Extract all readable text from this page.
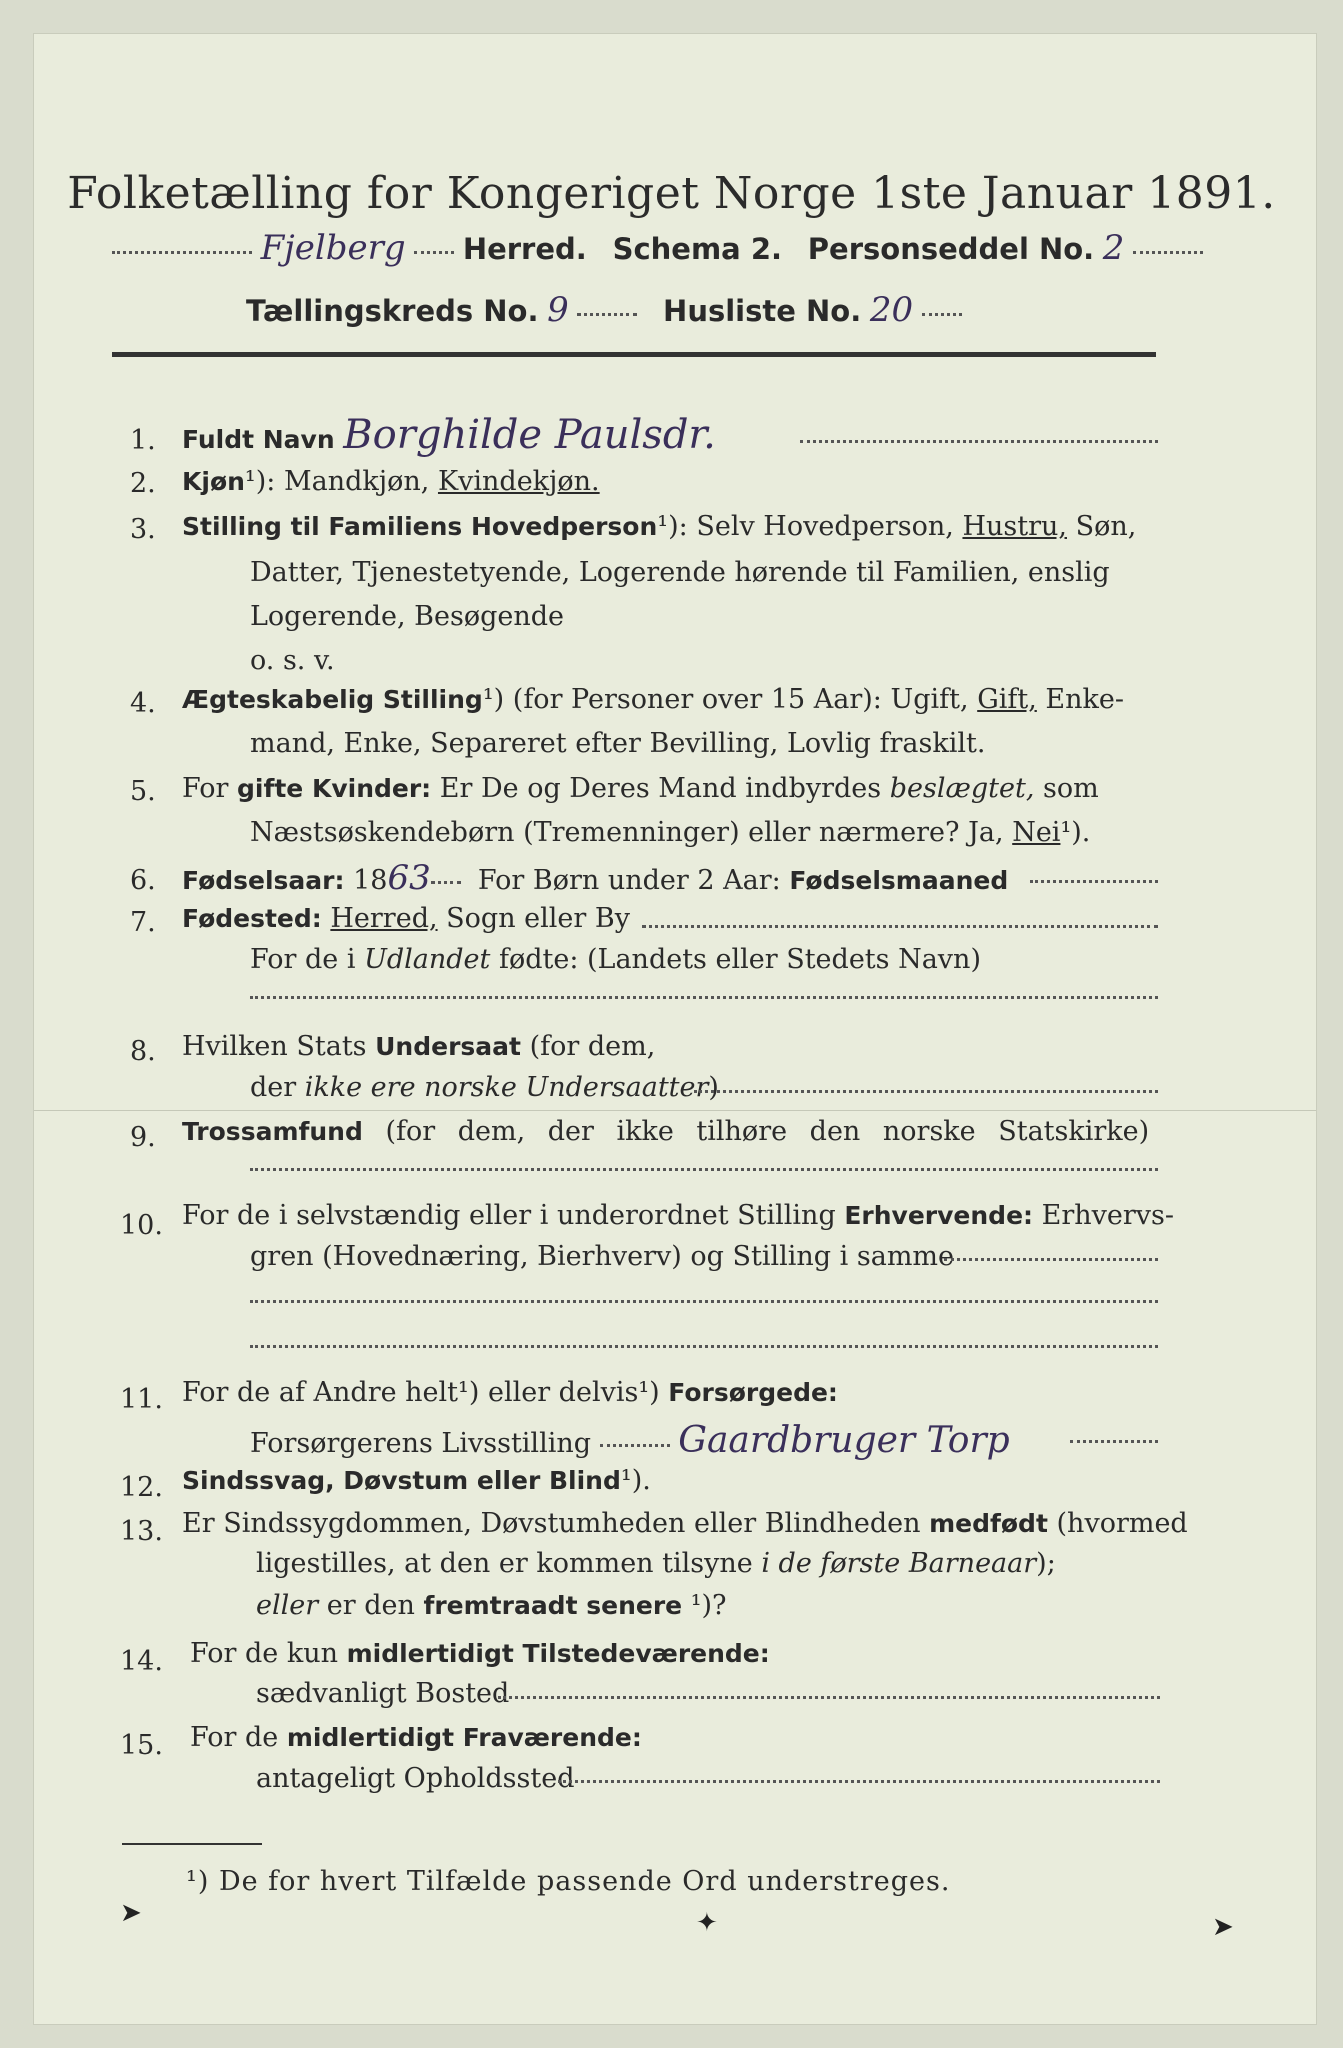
Folketælling for Kongeriget Norge 1ste Januar 1891.
Fjelberg Herred. Schema 2. Personseddel No. 2
Tællingskreds No. 9	Husliste No. 20
1. Fuldt Navn Borghilde Paulsdr.
2. Kjøn¹): Mandkjøn, Kvindekjøn.
3. Stilling til Familiens Hovedperson¹): Selv Hovedperson, Hustru, Søn,
Datter, Tjenestetyende, Logerende hørende til Familien, enslig
Logerende, Besøgende
o. s. v.
4. Ægteskabelig Stilling¹) (for Personer over 15 Aar): Ugift, Gift, Enke-
mand, Enke, Separeret efter Bevilling, Lovlig fraskilt.
5. For gifte Kvinder: Er De og Deres Mand indbyrdes beslægtet, som
Næstsøskendebørn (Tremenninger) eller nærmere? Ja, Nei¹).
6. Fødselsaar: 1863 For Børn under 2 Aar: Fødselsmaaned
7. Fødested: Herred, Sogn eller By
For de i Udlandet fødte: (Landets eller Stedets Navn)
8. Hvilken Stats Undersaat (for dem,
der ikke ere norske Undersaatter)
9. Trossamfund (for dem, der ikke tilhøre den norske Statskirke)
10. For de i selvstændig eller i underordnet Stilling Erhvervende: Erhvervs-
gren (Hovednæring, Bierhverv) og Stilling i samme
11. For de af Andre helt¹) eller delvis¹) Forsørgede:
Forsørgerens Livsstilling Gaardbruger Torp
12. Sindssvag, Døvstum eller Blind¹).
13. Er Sindssygdommen, Døvstumheden eller Blindheden medfødt (hvormed
ligestilles, at den er kommen tilsyne i de første Barneaar);
eller er den fremtraadt senere ¹)?
14. For de kun midlertidigt Tilstedeværende:
sædvanligt Bosted
15. For de midlertidigt Fraværende:
antageligt Opholdssted
¹) De for hvert Tilfælde passende Ord understreges.
➤	✦	➤
